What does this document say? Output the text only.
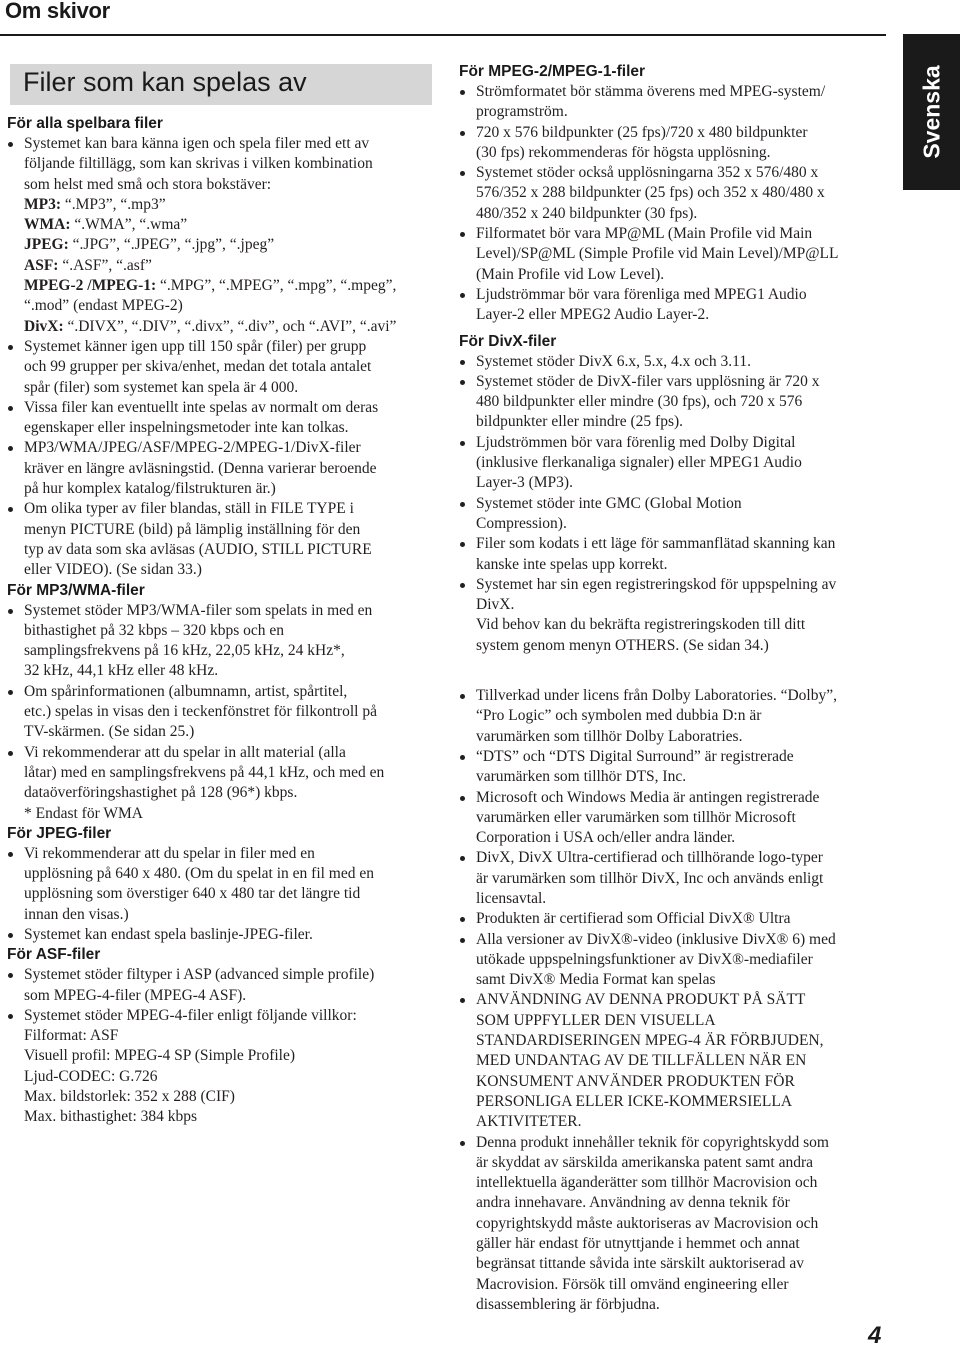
Om skivor
Svenska
Filer som kan spelas av
För alla spelbara filer
Systemet kan bara känna igen och spela filer med ett av
följande filtillägg, som kan skrivas i vilken kombination
som helst med små och stora bokstäver:
MP3: “.MP3”, “.mp3”
WMA: “.WMA”, “.wma”
JPEG: “.JPG”, “.JPEG”, “.jpg”, “.jpeg”
ASF: “.ASF”, “.asf”
MPEG-2 /MPEG-1: “.MPG”, “.MPEG”, “.mpg”, “.mpeg”,
“.mod” (endast MPEG-2)
DivX: “.DIVX”, “.DIV”, “.divx”, “.div”, och “.AVI”, “.avi”
Systemet känner igen upp till 150 spår (filer) per grupp
och 99 grupper per skiva/enhet, medan det totala antalet
spår (filer) som systemet kan spela är 4 000.
Vissa filer kan eventuellt inte spelas av normalt om deras
egenskaper eller inspelningsmetoder inte kan tolkas.
MP3/WMA/JPEG/ASF/MPEG-2/MPEG-1/DivX-filer
kräver en längre avläsningstid. (Denna varierar beroende
på hur komplex katalog/filstrukturen är.)
Om olika typer av filer blandas, ställ in FILE TYPE i
menyn PICTURE (bild) på lämplig inställning för den
typ av data som ska avläsas (AUDIO, STILL PICTURE
eller VIDEO). (Se sidan 33.)
För MP3/WMA-filer
Systemet stöder MP3/WMA-filer som spelats in med en
bithastighet på 32 kbps – 320 kbps och en
samplingsfrekvens på 16 kHz, 22,05 kHz, 24 kHz*,
32 kHz, 44,1 kHz eller 48 kHz.
Om spårinformationen (albumnamn, artist, spårtitel,
etc.) spelas in visas den i teckenfönstret för filkontroll på
TV-skärmen. (Se sidan 25.)
Vi rekommenderar att du spelar in allt material (alla
låtar) med en samplingsfrekvens på 44,1 kHz, och med en
dataöverföringshastighet på 128 (96*) kbps.
* Endast för WMA
För JPEG-filer
Vi rekommenderar att du spelar in filer med en
upplösning på 640 x 480. (Om du spelat in en fil med en
upplösning som överstiger 640 x 480 tar det längre tid
innan den visas.)
Systemet kan endast spela baslinje-JPEG-filer.
För ASF-filer
Systemet stöder filtyper i ASP (advanced simple profile)
som MPEG-4-filer (MPEG-4 ASF).
Systemet stöder MPEG-4-filer enligt följande villkor:
Filformat: ASF
Visuell profil: MPEG-4 SP (Simple Profile)
Ljud-CODEC: G.726
Max. bildstorlek: 352 x 288 (CIF)
Max. bithastighet: 384 kbps
För MPEG-2/MPEG-1-filer
Strömformatet bör stämma överens med MPEG-system/
programström.
720 x 576 bildpunkter (25 fps)/720 x 480 bildpunkter
(30 fps) rekommenderas för högsta upplösning.
Systemet stöder också upplösningarna 352 x 576/480 x
576/352 x 288 bildpunkter (25 fps) och 352 x 480/480 x
480/352 x 240 bildpunkter (30 fps).
Filformatet bör vara MP@ML (Main Profile vid Main
Level)/SP@ML (Simple Profile vid Main Level)/MP@LL
(Main Profile vid Low Level).
Ljudströmmar bör vara förenliga med MPEG1 Audio
Layer-2 eller MPEG2 Audio Layer-2.
För DivX-filer
Systemet stöder DivX 6.x, 5.x, 4.x och 3.11.
Systemet stöder de DivX-filer vars upplösning är 720 x
480 bildpunkter eller mindre (30 fps), och 720 x 576
bildpunkter eller mindre (25 fps).
Ljudströmmen bör vara förenlig med Dolby Digital
(inklusive flerkanaliga signaler) eller MPEG1 Audio
Layer-3 (MP3).
Systemet stöder inte GMC (Global Motion
Compression).
Filer som kodats i ett läge för sammanflätad skanning kan
kanske inte spelas upp korrekt.
Systemet har sin egen registreringskod för uppspelning av
DivX.
Vid behov kan du bekräfta registreringskoden till ditt
system genom menyn OTHERS. (Se sidan 34.)
Tillverkad under licens från Dolby Laboratories. “Dolby”,
“Pro Logic” och symbolen med dubbia D:n är
varumärken som tillhör Dolby Laboratries.
“DTS” och “DTS Digital Surround” är registrerade
varumärken som tillhör DTS, Inc.
Microsoft och Windows Media är antingen registrerade
varumärken eller varumärken som tillhör Microsoft
Corporation i USA och/eller andra länder.
DivX, DivX Ultra-certifierad och tillhörande logo-typer
är varumärken som tillhör DivX, Inc och används enligt
licensavtal.
Produkten är certifierad som Official DivX® Ultra
Alla versioner av DivX®-video (inklusive DivX® 6) med
utökade uppspelningsfunktioner av DivX®-mediafiler
samt DivX® Media Format kan spelas
ANVÄNDNING AV DENNA PRODUKT PÅ SÄTT
SOM UPPFYLLER DEN VISUELLA
STANDARDISERINGEN MPEG-4 ÄR FÖRBJUDEN,
MED UNDANTAG AV DE TILLFÄLLEN NÄR EN
KONSUMENT ANVÄNDER PRODUKTEN FÖR
PERSONLIGA ELLER ICKE-KOMMERSIELLA
AKTIVITETER.
Denna produkt innehåller teknik för copyrightskydd som
är skyddat av särskilda amerikanska patent samt andra
intellektuella äganderätter som tillhör Macrovision och
andra innehavare. Användning av denna teknik för
copyrightskydd måste auktoriseras av Macrovision och
gäller här endast för utnyttjande i hemmet och annat
begränsat tittande såvida inte särskilt auktoriserad av
Macrovision. Försök till omvänd engineering eller
disassemblering är förbjudna.
4
